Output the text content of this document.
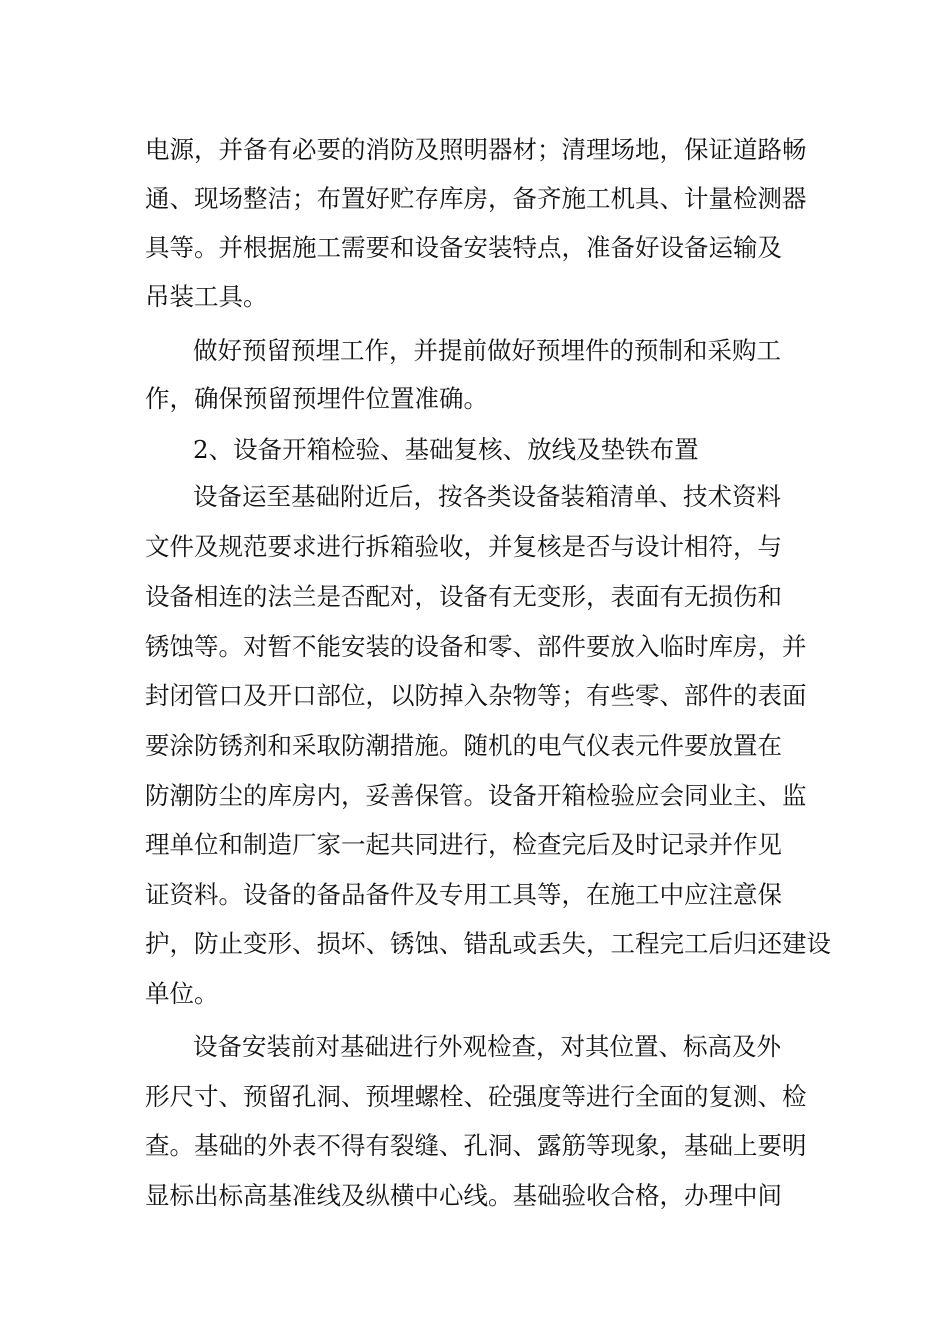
电源，并备有必要的消防及照明器材；清理场地，保证道路畅
通、现场整洁；布置好贮存库房，备齐施工机具、计量检测器
具等。并根据施工需要和设备安装特点，准备好设备运输及
吊装工具。
做好预留预埋工作，并提前做好预埋件的预制和采购工
作，确保预留预埋件位置准确。
2、设备开箱检验、基础复核、放线及垫铁布置
设备运至基础附近后，按各类设备装箱清单、技术资料
文件及规范要求进行拆箱验收，并复核是否与设计相符，与
设备相连的法兰是否配对，设备有无变形，表面有无损伤和
锈蚀等。对暂不能安装的设备和零、部件要放入临时库房，并
封闭管口及开口部位，以防掉入杂物等；有些零、部件的表面
要涂防锈剂和采取防潮措施。随机的电气仪表元件要放置在
防潮防尘的库房内，妥善保管。设备开箱检验应会同业主、监
理单位和制造厂家一起共同进行，检查完后及时记录并作见
证资料。设备的备品备件及专用工具等，在施工中应注意保
护，防止变形、损坏、锈蚀、错乱或丢失，工程完工后归还建设
单位。
设备安装前对基础进行外观检查，对其位置、标高及外
形尺寸、预留孔洞、预埋螺栓、砼强度等进行全面的复测、检
查。基础的外表不得有裂缝、孔洞、露筋等现象，基础上要明
显标出标高基准线及纵横中心线。基础验收合格，办理中间
